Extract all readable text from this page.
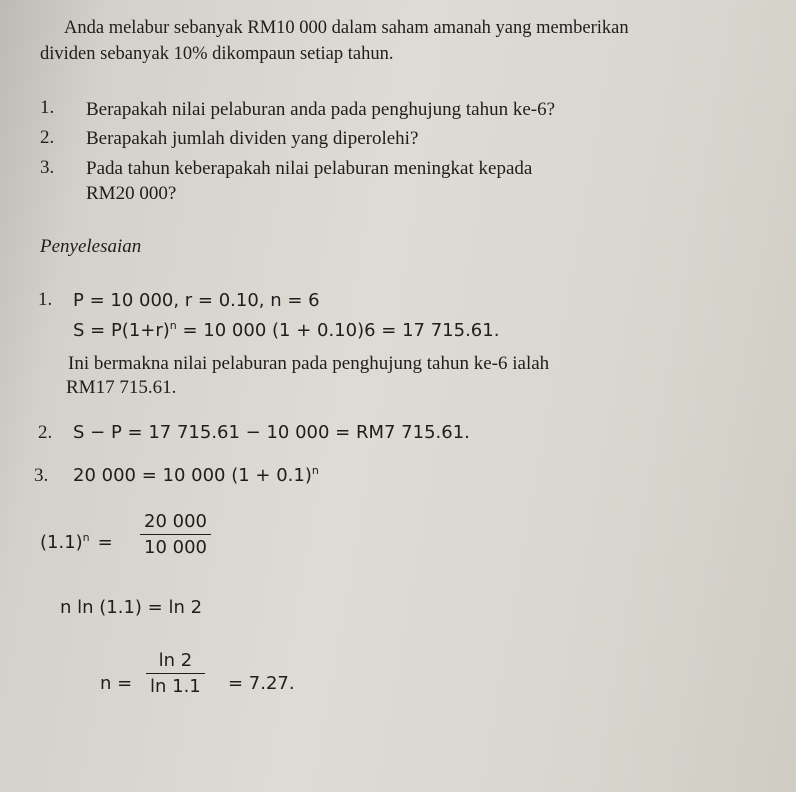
Anda melabur sebanyak RM10 000 dalam saham amanah yang memberikan
dividen sebanyak 10% dikompaun setiap tahun.
1. Berapakah nilai pelaburan anda pada penghujung tahun ke-6?
2. Berapakah jumlah dividen yang diperolehi?
3. Pada tahun keberapakah nilai pelaburan meningkat kepada
RM20 000?
Penyelesaian
1. P = 10 000, r = 0.10, n = 6
$S = P(1+r)^n = 10$ 000 (1 + 0.10)6 = 17 715.61.
Ini bermakna nilai pelaburan pada penghujung tahun ke-6 ialah
RM17 715.61.
2. S − P = 17 715.61 − 10 000 = RM7 715.61.
3. 20 000 = 10 000 $(1 + 0.1)^n$
$(1.1)^n = \frac{20 000}{10 000}$
n ln (1.1) = ln 2
$n = \frac{\ln 2}{\ln 1.1} = 7.27$.
